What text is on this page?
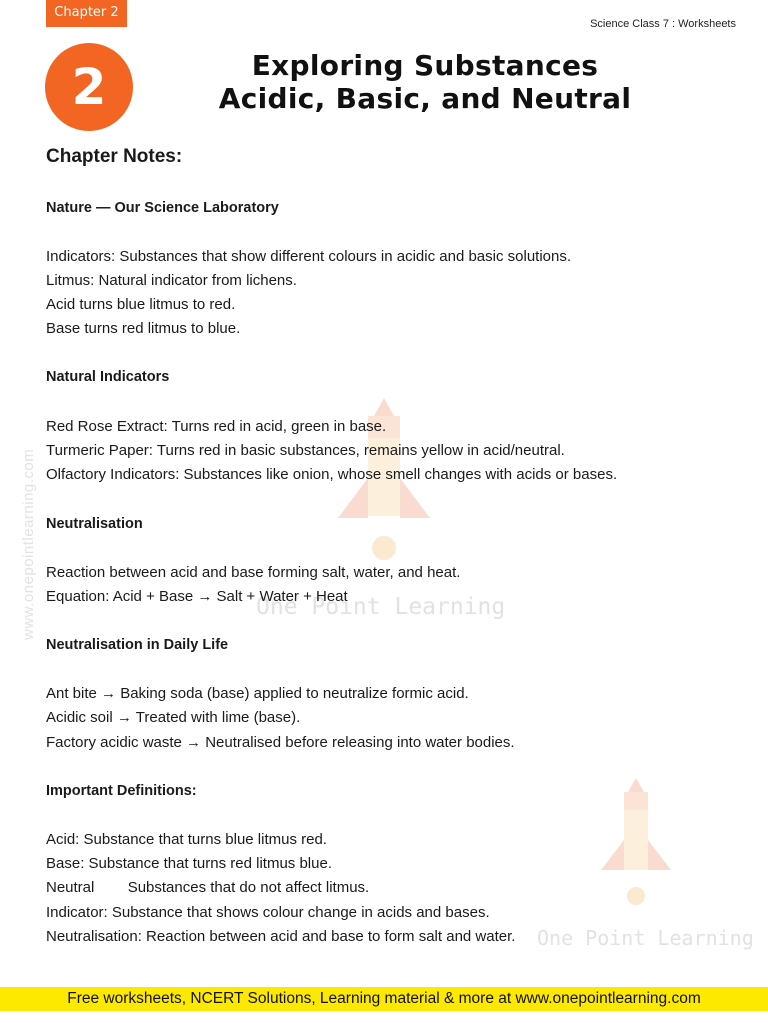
Chapter 2
Science Class 7 : Worksheets
2	Exploring Substances
Acidic, Basic, and Neutral
www.onepointlearning.com	One Point Learning
One Point Learning
Chapter Notes:
Nature — Our Science Laboratory
Indicators: Substances that show different colours in acidic and basic solutions.
Litmus: Natural indicator from lichens.
Acid turns blue litmus to red.
Base turns red litmus to blue.
Natural Indicators
Red Rose Extract: Turns red in acid, green in base.
Turmeric Paper: Turns red in basic substances, remains yellow in acid/neutral.
Olfactory Indicators: Substances like onion, whose smell changes with acids or bases.
Neutralisation
Reaction between acid and base forming salt, water, and heat.
Equation: Acid + Base → Salt + Water + Heat
Neutralisation in Daily Life
Ant bite → Baking soda (base) applied to neutralize formic acid.
Acidic soil → Treated with lime (base).
Factory acidic waste → Neutralised before releasing into water bodies.
Important Definitions:
Acid: Substance that turns blue litmus red.
Base: Substance that turns red litmus blue.
Neutral        Substances that do not affect litmus.
Indicator: Substance that shows colour change in acids and bases.
Neutralisation: Reaction between acid and base to form salt and water.
Free worksheets, NCERT Solutions, Learning material & more at www.onepointlearning.com
